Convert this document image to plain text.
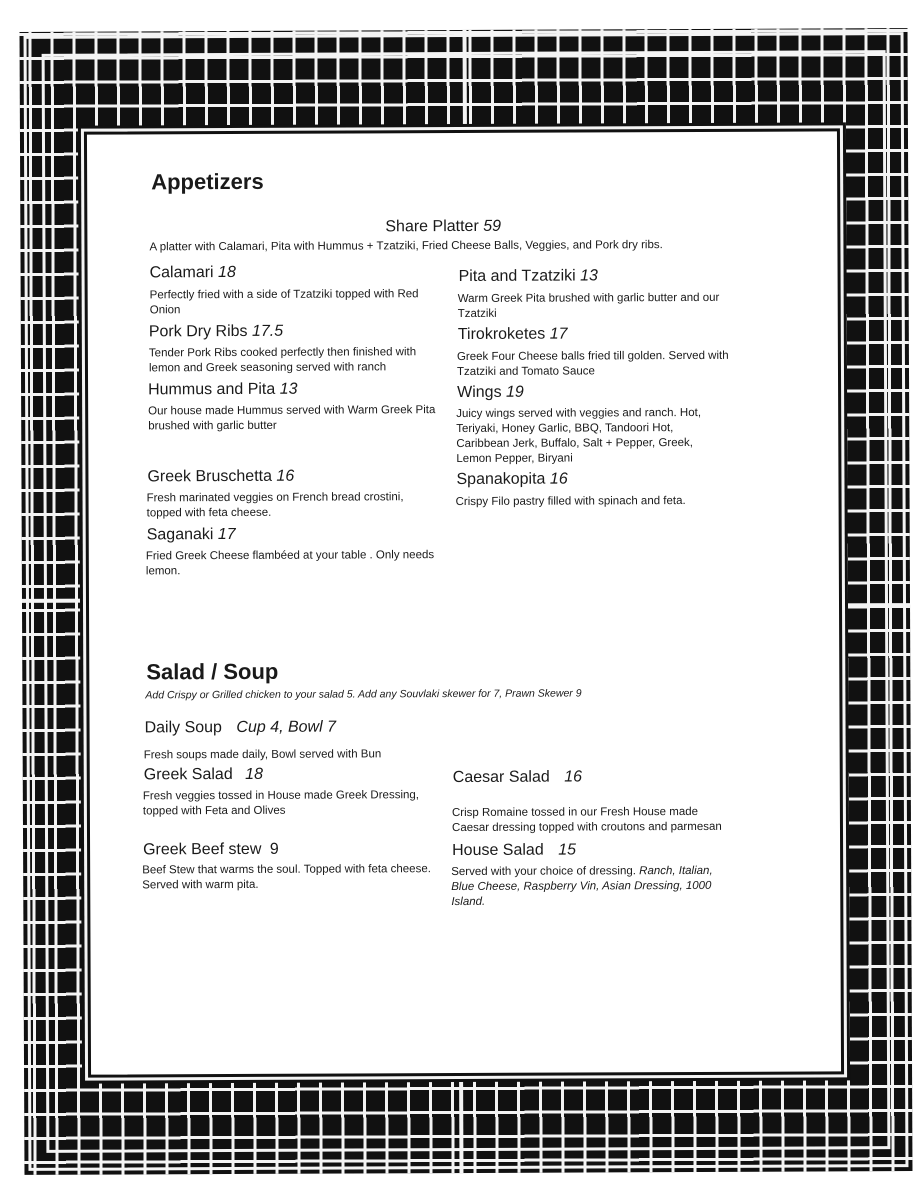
Appetizers
Share Platter 59
A platter with Calamari, Pita with Hummus + Tzatziki, Fried Cheese Balls, Veggies, and Pork dry ribs.
Calamari 18
Perfectly fried with a side of Tzatziki topped with Red Onion
Pork Dry Ribs 17.5
Tender Pork Ribs cooked perfectly then finished with lemon and Greek seasoning served with ranch
Hummus and Pita 13
Our house made Hummus served with Warm Greek Pita brushed with garlic butter
Greek Bruschetta 16
Fresh marinated veggies on French bread crostini, topped with feta cheese.
Saganaki 17
Fried Greek Cheese flambéed at your table . Only needs lemon.
Pita and Tzatziki 13
Warm Greek Pita brushed with garlic butter and our Tzatziki
Tirokroketes 17
Greek Four Cheese balls fried till golden. Served with Tzatziki and Tomato Sauce
Wings 19
Juicy wings served with veggies and ranch. Hot, Teriyaki, Honey Garlic, BBQ, Tandoori Hot, Caribbean Jerk, Buffalo, Salt + Pepper, Greek, Lemon Pepper, Biryani
Spanakopita 16
Crispy Filo pastry filled with spinach and feta.
Salad / Soup
Add Crispy or Grilled chicken to your salad 5. Add any Souvlaki skewer for 7, Prawn Skewer 9
Daily Soup Cup 4, Bowl 7
Fresh soups made daily, Bowl served with Bun
Greek Salad 18
Fresh veggies tossed in House made Greek Dressing, topped with Feta and Olives
Greek Beef stew 9
Beef Stew that warms the soul. Topped with feta cheese. Served with warm pita.
Caesar Salad 16
Crisp Romaine tossed in our Fresh House made Caesar dressing topped with croutons and parmesan
House Salad 15
Served with your choice of dressing. Ranch, Italian, Blue Cheese, Raspberry Vin, Asian Dressing, 1000 Island.
